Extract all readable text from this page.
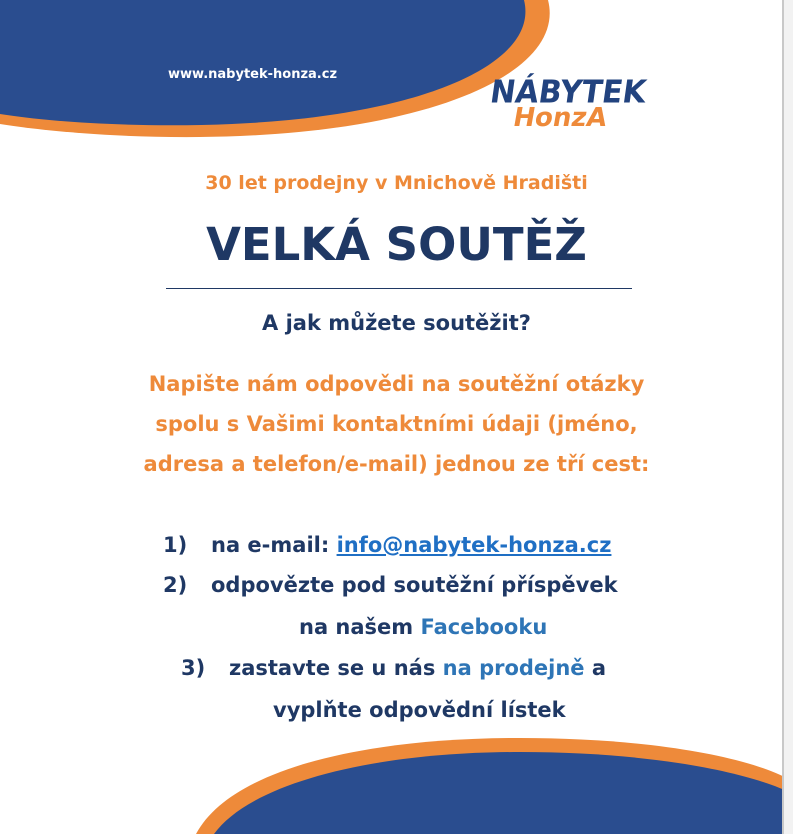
www.nabytek-honza.cz	NÁBYTEK
HonzA
30 let prodejny v Mnichově Hradišti
VELKÁ SOUTĚŽ
A jak můžete soutěžit?
Napište nám odpovědi na soutěžní otázky spolu s Vašimi kontaktními údaji (jméno, adresa a telefon/e-mail) jednou ze tří cest:
1) na e-mail: info@nabytek-honza.cz
2) odpovězte pod soutěžní příspěvek
na našem Facebooku
3) zastavte se u nás na prodejně a
vyplňte odpovědní lístek
